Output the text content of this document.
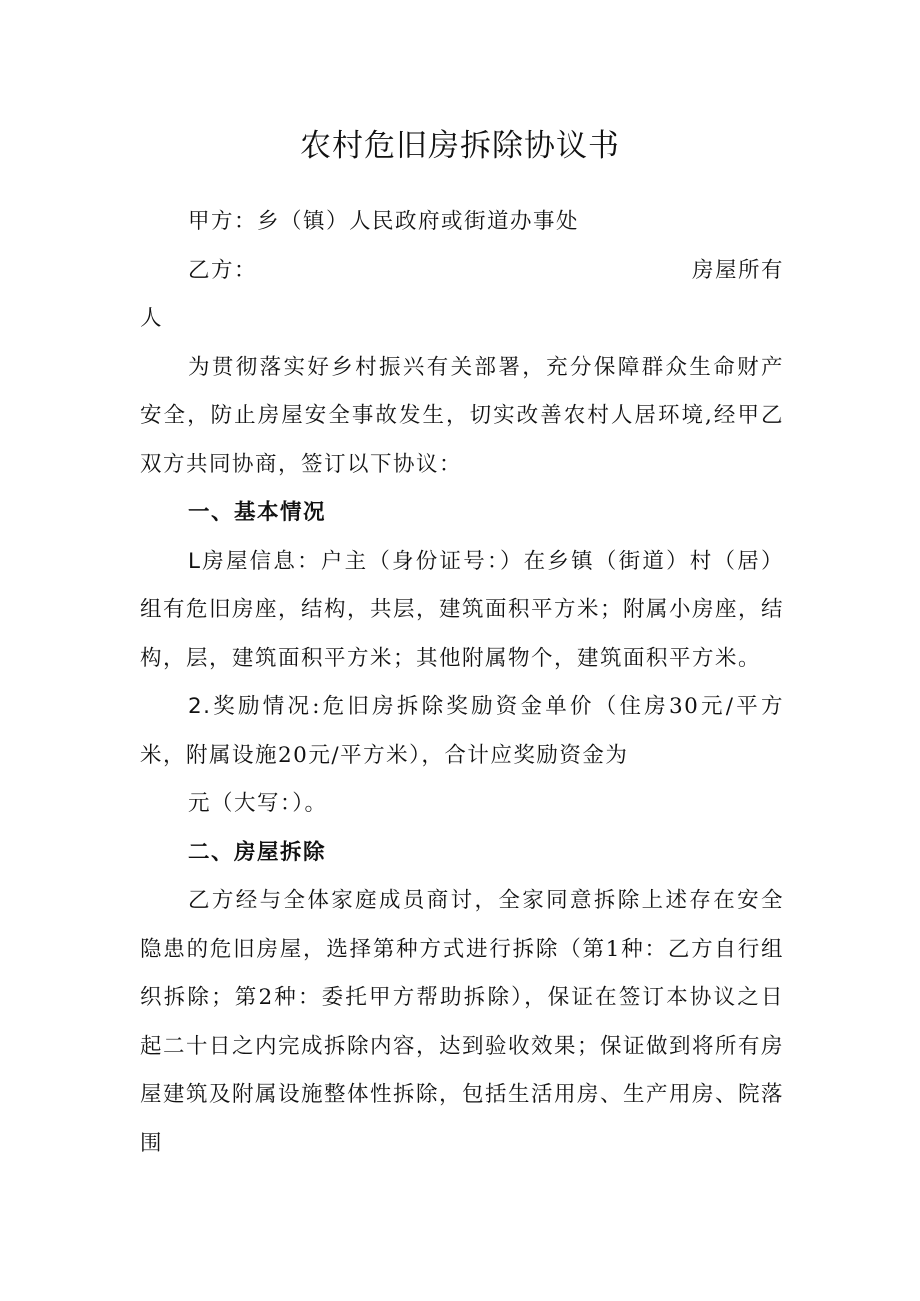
农村危旧房拆除协议书

甲方：乡（镇）人民政府或街道办事处

乙方：	房屋所有

人

为贯彻落实好乡村振兴有关部署，充分保障群众生命财产安全，防止房屋安全事故发生，切实改善农村人居环境,经甲乙双方共同协商，签订以下协议：

一、基本情况

L房屋信息：户主（身份证号：）在乡镇（街道）村（居）组有危旧房座，结构，共层，建筑面积平方米；附属小房座，结构，层，建筑面积平方米；其他附属物个，建筑面积平方米。

2.奖励情况:危旧房拆除奖励资金单价（住房30元/平方米，附属设施20元/平方米），合计应奖励资金为

元（大写：）。

二、房屋拆除

乙方经与全体家庭成员商讨，全家同意拆除上述存在安全隐患的危旧房屋，选择第种方式进行拆除（第1种：乙方自行组织拆除；第2种：委托甲方帮助拆除），保证在签订本协议之日起二十日之内完成拆除内容，达到验收效果；保证做到将所有房屋建筑及附属设施整体性拆除，包括生活用房、生产用房、院落围
